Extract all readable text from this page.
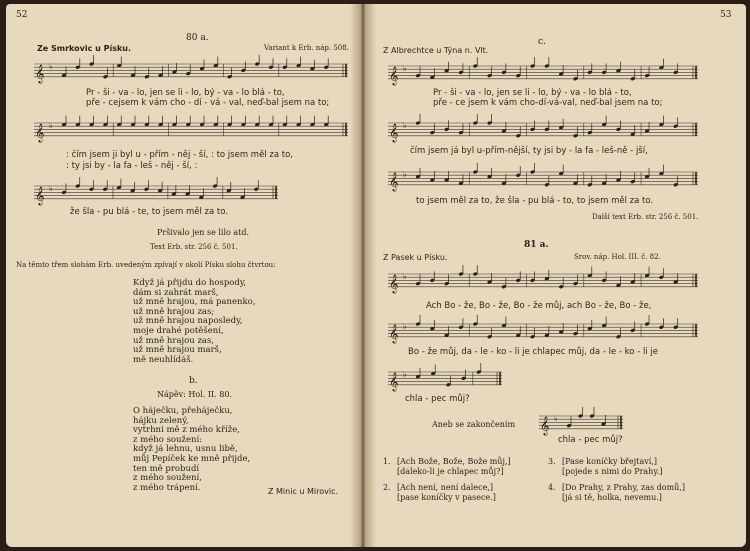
52
80 a.
Ze Smrkovic u Písku.	Variant k Erb. náp. 508.
𝄞 ♭
Pr - ši - va - lo, jen se li - lo, bý - va - lo blá - to,
pře - cejsem k vám cho - dí - vá - val, neď-bal jsem na to;
𝄞 ♭
: čím jsem ji byl u - přím - něj - ší, : to jsem měl za to,
: ty jsi by - la fa - leš - něj - ší, :
𝄞 ♭
že šla - pu blá - te, to jsem měl za to.
Pršivalo jen se lilo atd.
Text Erb. str. 256 č. 501.
Na těmto třem slohám Erb. uvedeným zpívají v okolí Písku slohu čtvrtou:
Když já přijdu do hospody,
dám si zahrát marš,
už mně hrajou, má panenko,
už mně hrajou zas;
už mně hrajou naposledy,
moje drahé potěšení,
už mně hrajou zas,
už mně hrajou marš,
mě neuhlídáš.
b.
Nápěv: Hol. II. 80.
O háječku, přeháječku,
hájku zelený,
vytrhni mě z mého kříže,
z mého soužení:
když já lehnu, usnu libě,
můj Pepíček ke mně přijde,
ten mě probudí
z mého soužení,
z mého trápení.	Z Minic u Mirovic.
53
c.
Z Albrechtce u Týna n. Vlt.
𝄞 ♭
Pr - ši - va - lo, jen se li - lo, bý - va - lo blá - to,
pře - ce jsem k vám cho-dí-vá-val, neď-bal jsem na to;
𝄞 ♭
čím jsem já byl u-přím-nější, ty jsi by - la fa - leš-ně - jší,
𝄞 ♭
to jsem měl za to, že šla - pu blá - to, to jsem měl za to.
Další text Erb. str. 256 č. 501.
81 a.
Z Pasek u Písku.	Srov. náp. Hol. III. č. 82.
𝄞 ♭
Ach Bo - že, Bo - že, Bo - že můj, ach Bo - že, Bo - že,
𝄞 ♭
Bo - že můj, da - le - ko - li je chlapec můj, da - le - ko - li je
𝄞 ♭
chla - pec můj?
Aneb se zakončením 𝄞 ♭
chla - pec můj?
1. [Ach Bože, Bože, Bože můj,]
[daleko-li je chlapec můj?]
2. [Ach není, není dalece,]
[pase koníčky v pasece.]
3. [Pase koníčky břejtaví,]
[pojede s nimi do Prahy.]
4. [Do Prahy, z Prahy, zas domů,]
[já si tě, holka, nevemu.]
